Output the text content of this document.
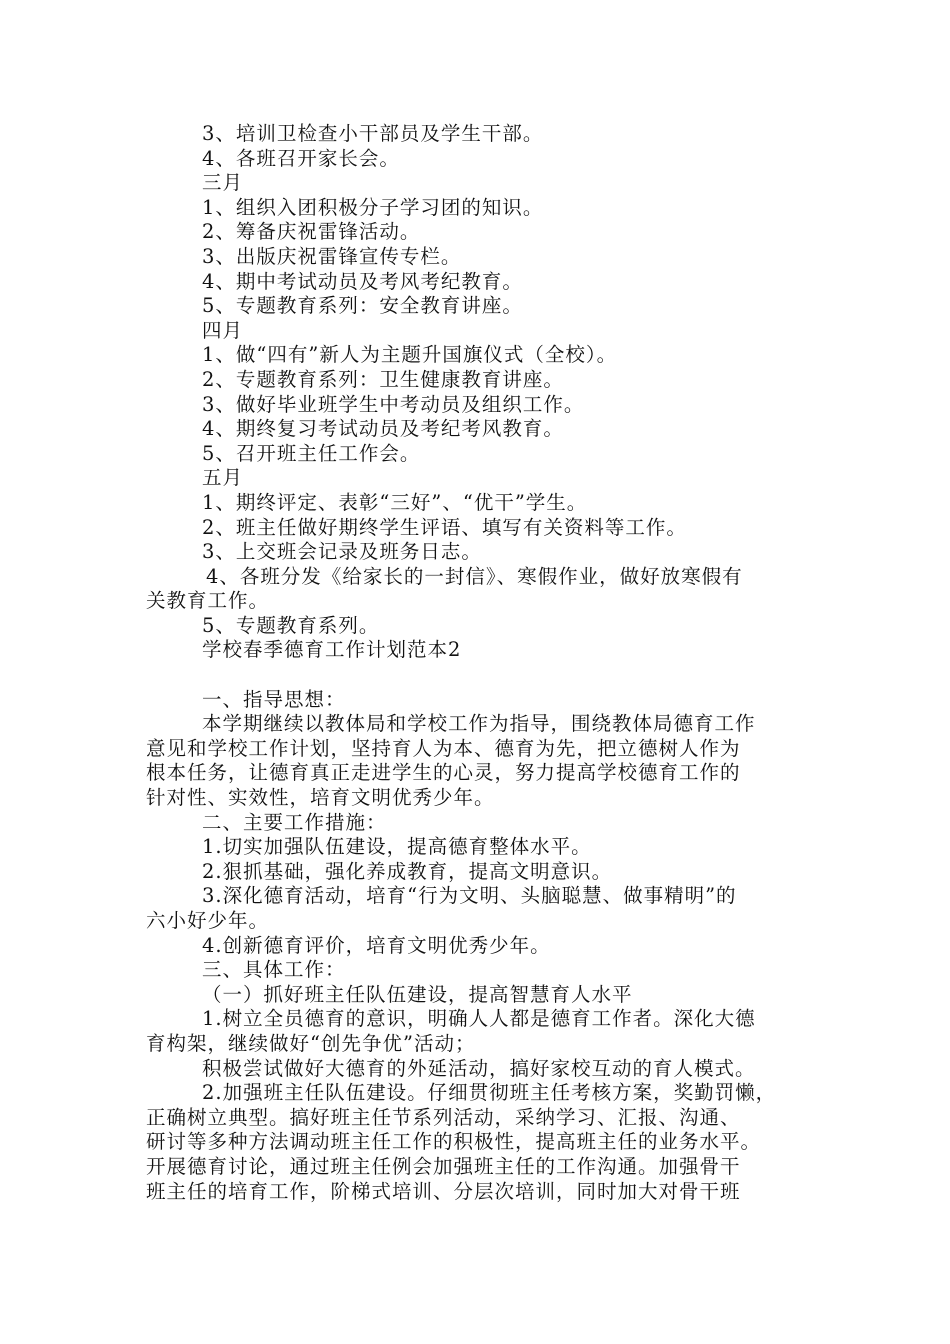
3、培训卫检查小干部员及学生干部。
4、各班召开家长会。
三月
1、组织入团积极分子学习团的知识。
2、筹备庆祝雷锋活动。
3、出版庆祝雷锋宣传专栏。
4、期中考试动员及考风考纪教育。
5、专题教育系列：安全教育讲座。
四月
1、做“四有”新人为主题升国旗仪式（全校）。
2、专题教育系列：卫生健康教育讲座。
3、做好毕业班学生中考动员及组织工作。
4、期终复习考试动员及考纪考风教育。
5、召开班主任工作会。
五月
1、期终评定、表彰“三好”、“优干”学生。
2、班主任做好期终学生评语、填写有关资料等工作。
3、上交班会记录及班务日志。
4、各班分发《给家长的一封信》、寒假作业，做好放寒假有
关教育工作。
5、专题教育系列。
学校春季德育工作计划范本2
一、指导思想：
本学期继续以教体局和学校工作为指导，围绕教体局德育工作
意见和学校工作计划，坚持育人为本、德育为先，把立德树人作为
根本任务，让德育真正走进学生的心灵，努力提高学校德育工作的
针对性、实效性，培育文明优秀少年。
二、主要工作措施：
1.切实加强队伍建设，提高德育整体水平。
2.狠抓基础，强化养成教育，提高文明意识。
3.深化德育活动，培育“行为文明、头脑聪慧、做事精明”的
六小好少年。
4.创新德育评价，培育文明优秀少年。
三、具体工作：
（一）抓好班主任队伍建设，提高智慧育人水平
1.树立全员德育的意识，明确人人都是德育工作者。深化大德
育构架，继续做好“创先争优”活动；
积极尝试做好大德育的外延活动，搞好家校互动的育人模式。
2.加强班主任队伍建设。仔细贯彻班主任考核方案，奖勤罚懒，
正确树立典型。搞好班主任节系列活动，采纳学习、汇报、沟通、
研讨等多种方法调动班主任工作的积极性，提高班主任的业务水平。
开展德育讨论，通过班主任例会加强班主任的工作沟通。加强骨干
班主任的培育工作，阶梯式培训、分层次培训，同时加大对骨干班
